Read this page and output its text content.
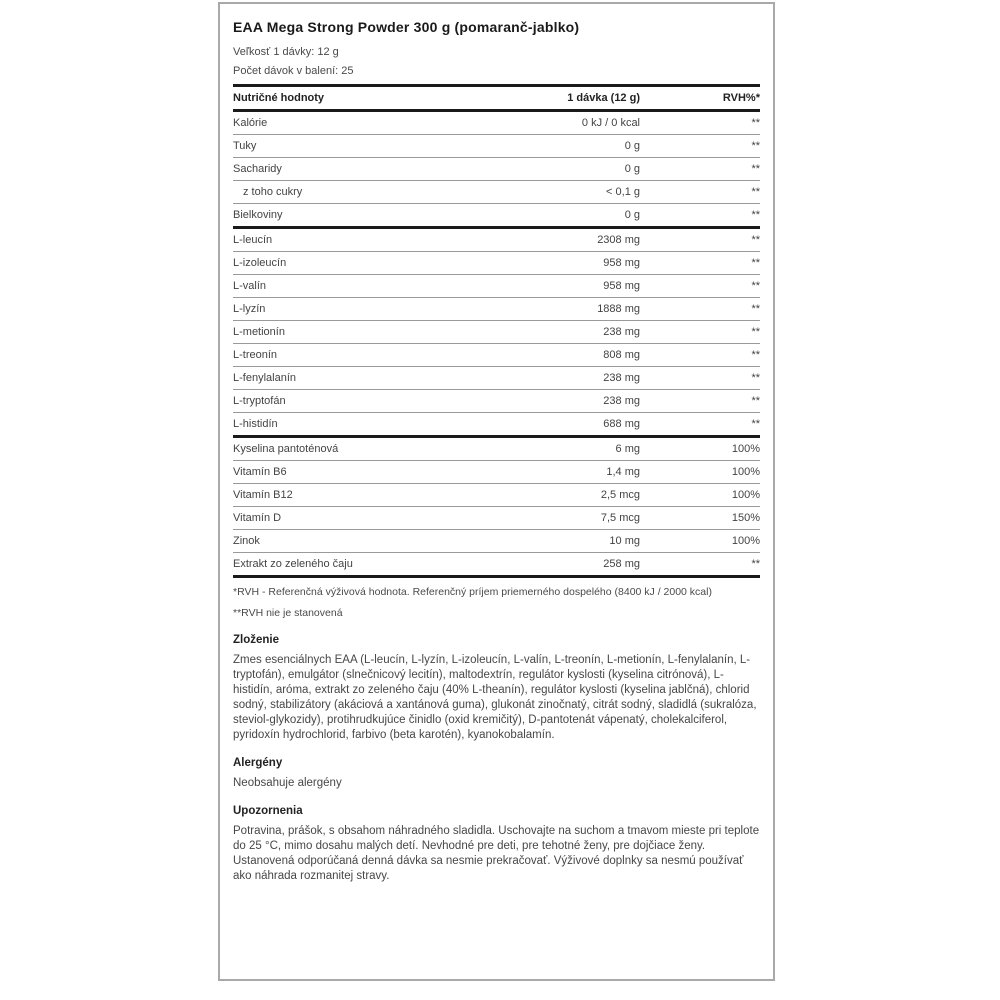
EAA Mega Strong Powder 300 g (pomaranč-jablko)
Veľkosť 1 dávky: 12 g
Počet dávok v balení: 25
Nutričné hodnoty	1 dávka (12 g)	RVH%*
Kalórie	0 kJ / 0 kcal	**
Tuky	0 g	**
Sacharidy	0 g	**
z toho cukry	< 0,1 g	**
Bielkoviny	0 g	**
L-leucín	2308 mg	**
L-izoleucín	958 mg	**
L-valín	958 mg	**
L-lyzín	1888 mg	**
L-metionín	238 mg	**
L-treonín	808 mg	**
L-fenylalanín	238 mg	**
L-tryptofán	238 mg	**
L-histidín	688 mg	**
Kyselina pantoténová	6 mg	100%
Vitamín B6	1,4 mg	100%
Vitamín B12	2,5 mcg	100%
Vitamín D	7,5 mcg	150%
Zinok	10 mg	100%
Extrakt zo zeleného čaju	258 mg	**

*RVH - Referenčná výživová hodnota. Referenčný príjem priemerného dospelého (8400 kJ / 2000 kcal)

**RVH nie je stanovená

Zloženie

Zmes esenciálnych EAA (L-leucín, L-lyzín, L-izoleucín, L-valín, L-treonín, L-metionín, L-fenylalanín, L-tryptofán), emulgátor (slnečnicový lecitín), maltodextrín, regulátor kyslosti (kyselina citrónová), L-histidín, aróma, extrakt zo zeleného čaju (40% L-theanín), regulátor kyslosti (kyselina jablčná), chlorid sodný, stabilizátory (akáciová a xantánová guma), glukonát zinočnatý, citrát sodný, sladidlá (sukralóza, steviol-glykozidy), protihrudkujúce činidlo (oxid kremičitý), D-pantotenát vápenatý, cholekalciferol, pyridoxín hydrochlorid, farbivo (beta karotén), kyanokobalamín.

Alergény

Neobsahuje alergény

Upozornenia

Potravina, prášok, s obsahom náhradného sladidla. Uschovajte na suchom a tmavom mieste pri teplote do 25 °C, mimo dosahu malých detí. Nevhodné pre deti, pre tehotné ženy, pre dojčiace ženy. Ustanovená odporúčaná denná dávka sa nesmie prekračovať. Výživové doplnky sa nesmú používať ako náhrada rozmanitej stravy.
